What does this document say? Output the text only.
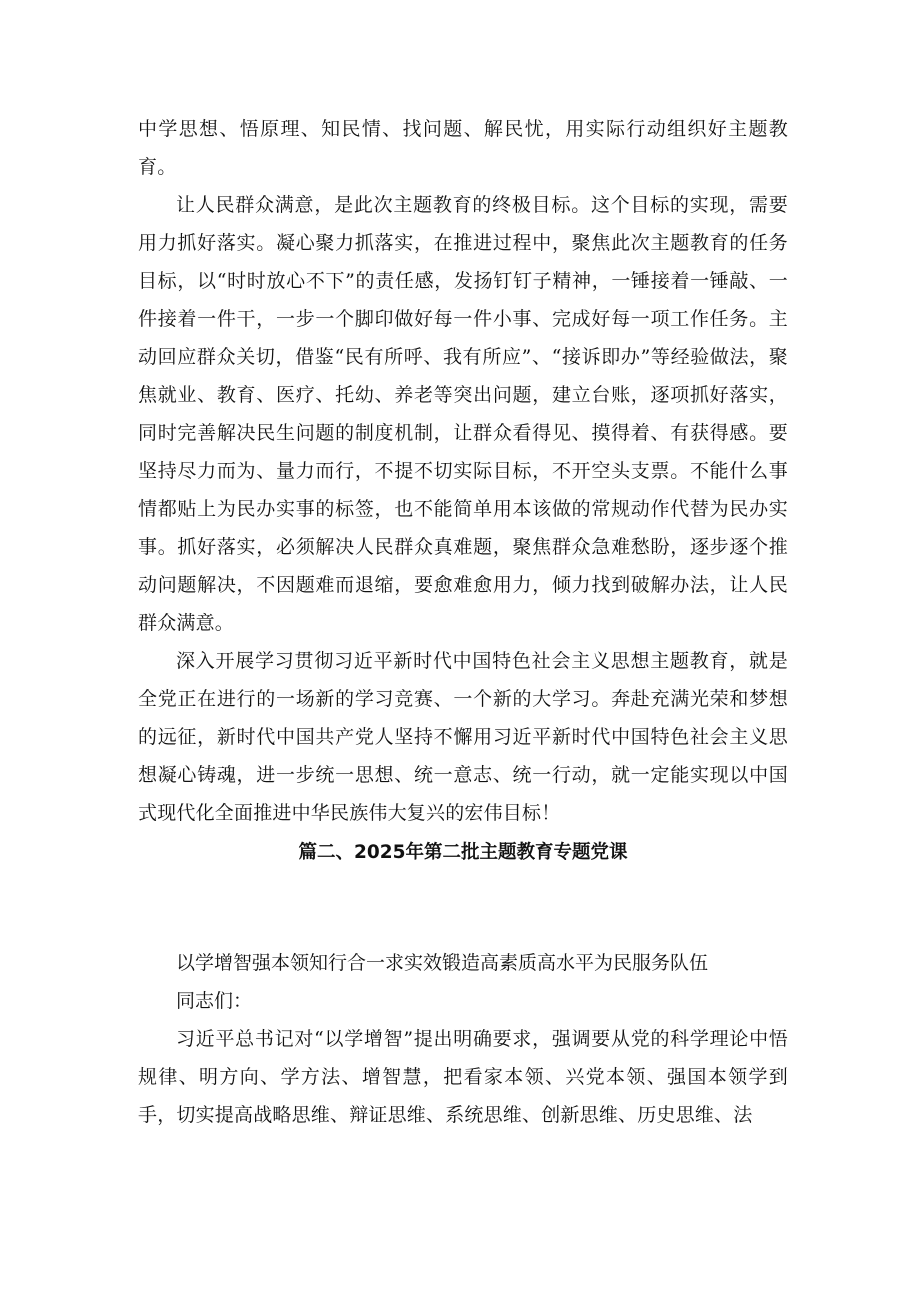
中学思想、悟原理、知民情、找问题、解民忧，用实际行动组织好主题教育。

让人民群众满意，是此次主题教育的终极目标。这个目标的实现，需要用力抓好落实。凝心聚力抓落实，在推进过程中，聚焦此次主题教育的任务目标，以“时时放心不下”的责任感，发扬钉钉子精神，一锤接着一锤敲、一件接着一件干，一步一个脚印做好每一件小事、完成好每一项工作任务。主动回应群众关切，借鉴“民有所呼、我有所应”、“接诉即办”等经验做法，聚焦就业、教育、医疗、托幼、养老等突出问题，建立台账，逐项抓好落实，同时完善解决民生问题的制度机制，让群众看得见、摸得着、有获得感。要坚持尽力而为、量力而行，不提不切实际目标，不开空头支票。不能什么事情都贴上为民办实事的标签，也不能简单用本该做的常规动作代替为民办实事。抓好落实，必须解决人民群众真难题，聚焦群众急难愁盼，逐步逐个推动问题解决，不因题难而退缩，要愈难愈用力，倾力找到破解办法，让人民群众满意。

深入开展学习贯彻习近平新时代中国特色社会主义思想主题教育，就是全党正在进行的一场新的学习竞赛、一个新的大学习。奔赴充满光荣和梦想的远征，新时代中国共产党人坚持不懈用习近平新时代中国特色社会主义思想凝心铸魂，进一步统一思想、统一意志、统一行动，就一定能实现以中国式现代化全面推进中华民族伟大复兴的宏伟目标！

篇二、2025年第二批主题教育专题党课

以学增智强本领知行合一求实效锻造高素质高水平为民服务队伍

同志们：

习近平总书记对“以学增智”提出明确要求，强调要从党的科学理论中悟规律、明方向、学方法、增智慧，把看家本领、兴党本领、强国本领学到手，切实提高战略思维、辩证思维、系统思维、创新思维、历史思维、法
